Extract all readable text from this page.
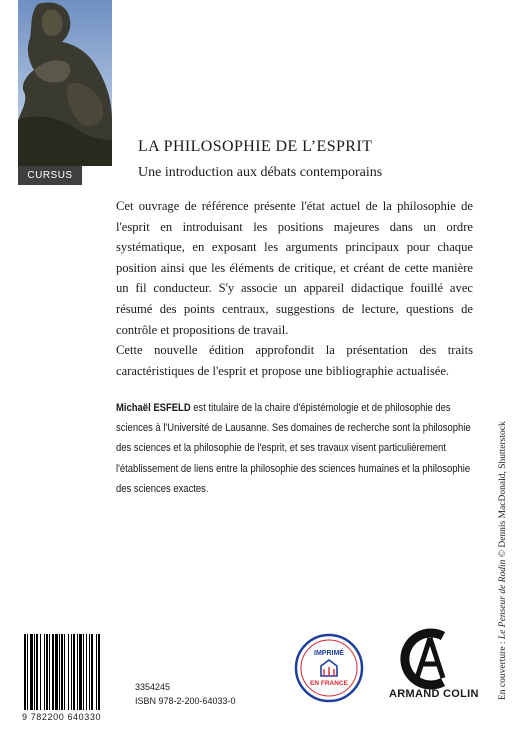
CURSUS
LA PHILOSOPHIE DE L’ESPRIT
Une introduction aux débats contemporains

Cet ouvrage de référence présente l'état actuel de la philosophie de l'esprit en introduisant les positions majeures dans un ordre systématique, en exposant les arguments principaux pour chaque position ainsi que les éléments de critique, et créant de cette manière un fil conducteur. S'y associe un appareil didactique fouillé avec résumé des points centraux, suggestions de lecture, questions de contrôle et propositions de travail.

Cette nouvelle édition approfondit la présentation des traits caractéristiques de l'esprit et propose une bibliographie actualisée.

Michaël ESFELD est titulaire de la chaire d'épistémologie et de philosophie des sciences à l'Université de Lausanne. Ses domaines de recherche sont la philosophie des sciences et la philosophie de l'esprit, et ses travaux visent particulièrement l'établissement de liens entre la philosophie des sciences humaines et la philosophie des sciences exactes.
En couverture : Le Penseur de Rodin © Dennis MacDonald, Shutterstock
9 782200 640330
3354245
ISBN 978-2-200-64033-0
IMPRIMÉ
EN FRANCE
ARMAND COLIN
